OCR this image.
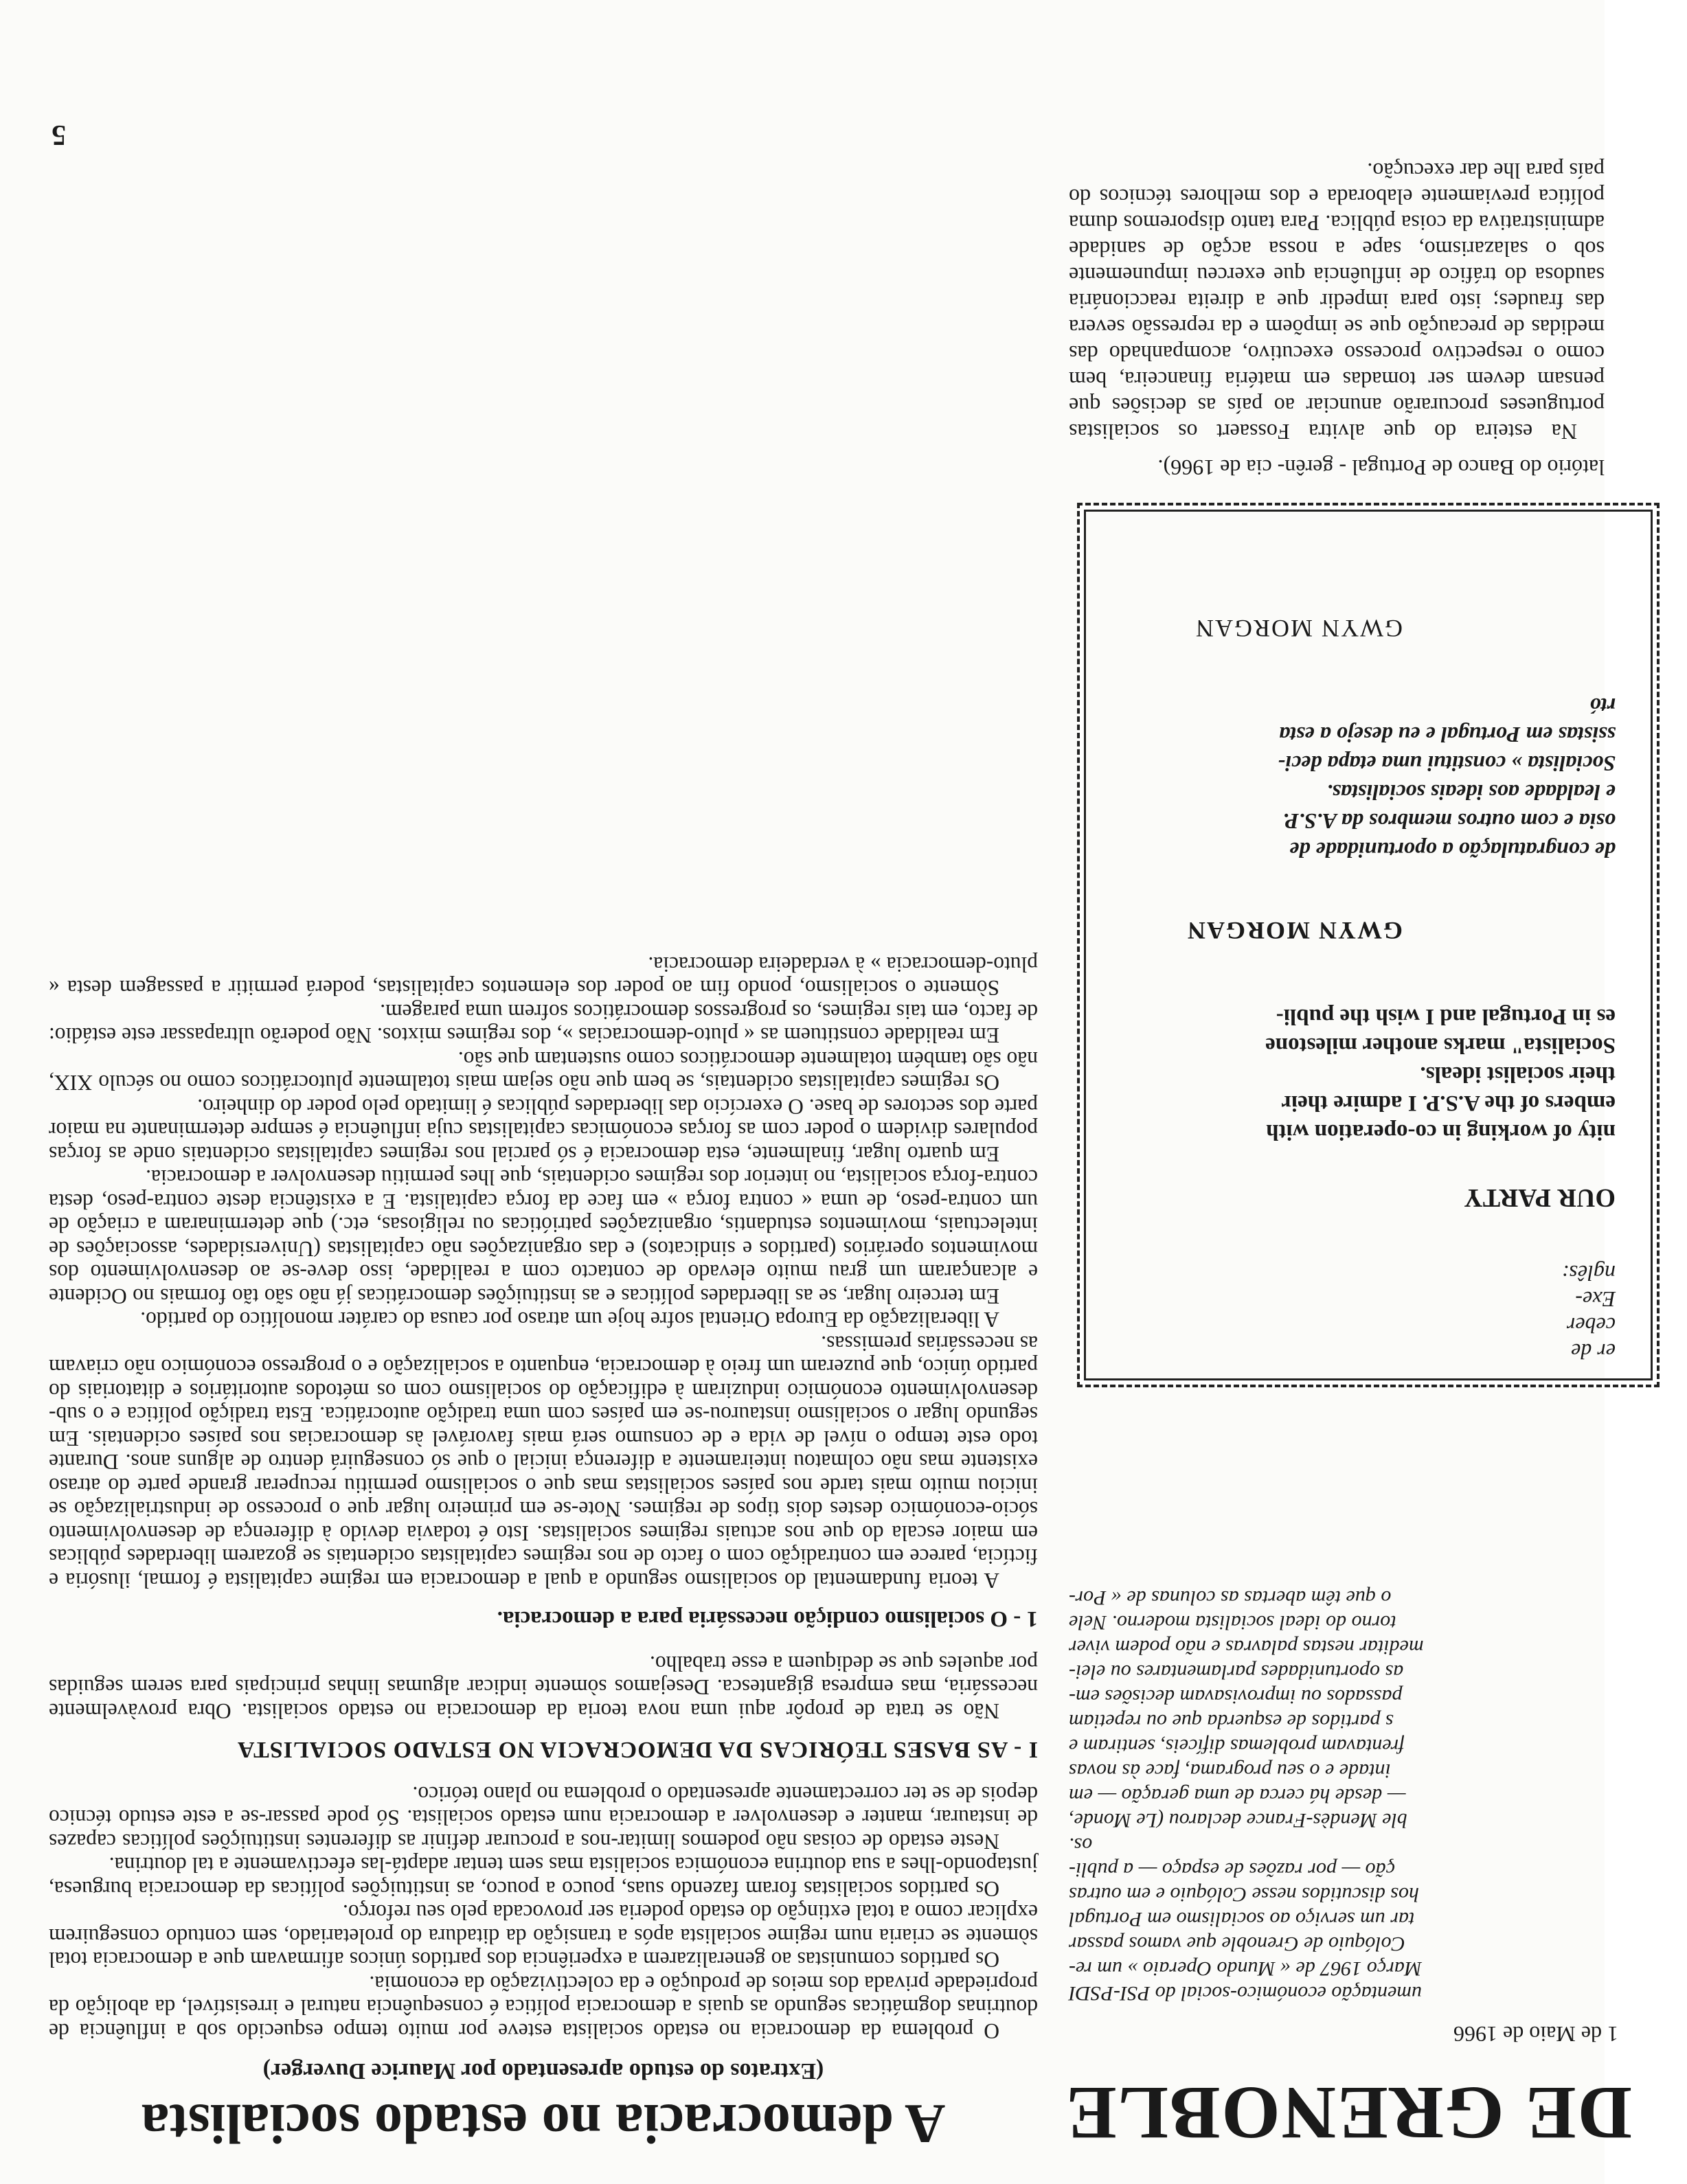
5
A democracia no estado socialista
(Extratos do estudo apresentado por Maurice Duverger)

O problema da democracia no estado socialista esteve por muito tempo esquecido sob a influência de doutrinas dogmáticas segundo as quais a democracia política é consequência natural e irresistível, da abolição da propriedade privada dos meios de produção e da colectivização da economia.

Os partidos comunistas ao generalizarem a experiência dos partidos únicos afirmavam que a democracia total sòmente se criaria num regime socialista após a transição da ditadura do proletariado, sem contudo conseguirem explicar como a total extinção do estado poderia ser provocada pelo seu reforço.

Os partidos socialistas foram fazendo suas, pouco a pouco, as instituições políticas da democracia burguesa, justapondo-lhes a sua doutrina económica socialista mas sem tentar adaptá-las efectivamente a tal doutrina.

Neste estado de coisas não podemos limitar-nos a procurar definir as diferentes instituições políticas capazes de instaurar, manter e desenvolver a democracia num estado socialista. Só pode passar-se a este estudo técnico depois de se ter correctamente apresentado o problema no plano teórico.

I - AS BASES TEÓRICAS DA DEMOCRACIA NO ESTADO SOCIALISTA

Não se trata de propôr aqui uma nova teoria da democracia no estado socialista. Obra provàvelmente necessária, mas empresa gigantesca. Desejamos sòmente indicar algumas linhas principais para serem seguidas por aqueles que se dediquem a esse trabalho.

1 - O socialismo condição necessária para a democracia.

A teoria fundamental do socialismo segundo a qual a democracia em regime capitalista é formal, ilusória e fictícia, parece em contradição com o facto de nos regimes capitalistas ocidentais se gozarem liberdades públicas em maior escala do que nos actuais regimes socialistas. Isto é todavia devido à diferença de desenvolvimento sócio-económico destes dois tipos de regimes. Note-se em primeiro lugar que o processo de industrialização se iniciou muito mais tarde nos países socialistas mas que o socialismo permitiu recuperar grande parte do atraso existente mas não colmatou inteiramente a diferença inicial o que só conseguirá dentro de alguns anos. Durante todo este tempo o nível de vida e de consumo será mais favorável às democracias nos países ocidentais. Em segundo lugar o socialismo instaurou-se em países com uma tradição autocrática. Esta tradição política e o sub-desenvolvimento económico induziram à edificação do socialismo com os métodos autoritários e ditatoriais do partido único, que puzeram um freio à democracia, enquanto a socialização e o progresso económico não criavam as necessárias premissas.

A liberalização da Europa Oriental sofre hoje um atraso por causa do caráter monolítico do partido.

Em terceiro lugar, se as liberdades políticas e as instituições democráticas já não são tão formais no Ocidente e alcançaram um grau muito elevado de contacto com a realidade, isso deve-se ao desenvolvimento dos movimentos operários (partidos e sindicatos) e das organizações não capitalistas (Universidades, associações de intelectuais, movimentos estudantis, organizações patrióticas ou religiosas, etc.) que determinaram a criação de um contra-peso, de uma « contra força » em face da força capitalista. E a existência deste contra-peso, desta contra-força socialista, no interior dos regimes ocidentais, que lhes permitiu desenvolver a democracia.

Em quarto lugar, finalmente, esta democracia é só parcial nos regimes capitalistas ocidentais onde as forças populares dividem o poder com as forças económicas capitalistas cuja influência é sempre determinante na maior parte dos sectores de base. O exercício das liberdades públicas é limitado pelo poder do dinheiro.

Os regimes capitalistas ocidentais, se bem que não sejam mais totalmente plutocráticos como no século XIX, não são também totalmente democráticos como sustentam que são.

Em realidade constituem as « pluto-democracias », dos regimes mixtos. Não poderão ultrapassar este estádio: de facto, em tais regimes, os progressos democráticos sofrem uma paragem.

Sòmente o socialismo, pondo fim ao poder dos elementos capitalistas, poderá permitir a passagem desta « pluto-democracia » à verdadeira democracia.

DE GRENOBLE
1 de Maio de 1966

umentação económico-social do PSI-PSDI

Março 1967 de « Mundo Operaio » um re-

Colóquio de Grenoble que vamos passar

tar um serviço ao socialismo em Portugal

hos discutidos nesse Colóquio e em outras

ção — por razões de espaço — a publi-

os.

ble Mendès-France declarou (Le Monde,

— desde há cerca de uma geração — em

intade e o seu programa, face às novas

frentavam problemas difíceis, sentiram e

s partidos de esquerda que ou repetiam

passados ou improvisavam decisões em-

as oportunidades parlamentares ou elei-

meditar nestas palavras e não podem viver

torno do ideal socialista moderno. Nele

o que têm abertas as colunas de « Por-

er de
ceber
Exe-
nglês:
OUR PARTY
nity of working in co-operation with
embers of the A.S.P. I admire their
their socialist ideals.
Socialista" marks another milestone
es in Portugal and I wish the publi-
GWYN MORGAN
de congratulação a oportunidade de
osia e com outros membros da A.S.P.
e lealdade aos ideais socialistas.
Socialista » constitui uma etapa deci-
ssistas em Portugal e eu desejo a esta
rtó
GWYN MORGAN

latório do Banco de Portugal - gerên- cia de 1966).

Na esteira do que alvitra Fossaert os socialistas portugueses procurarão anunciar ao país as decisões que pensam devem ser tomadas em matéria financeira, bem como o respectivo processo executivo, acompanhado das medidas de precaução que se impõem e da repressão severa das fraudes; isto para impedir que a direita reaccionária saudosa do tráfico de influência que exerceu impunemente sob o salazarismo, sape a nossa acção de sanidade administrativa da coisa pública. Para tanto disporemos duma política previamente elaborada e dos melhores técnicos do país para lhe dar execução.
